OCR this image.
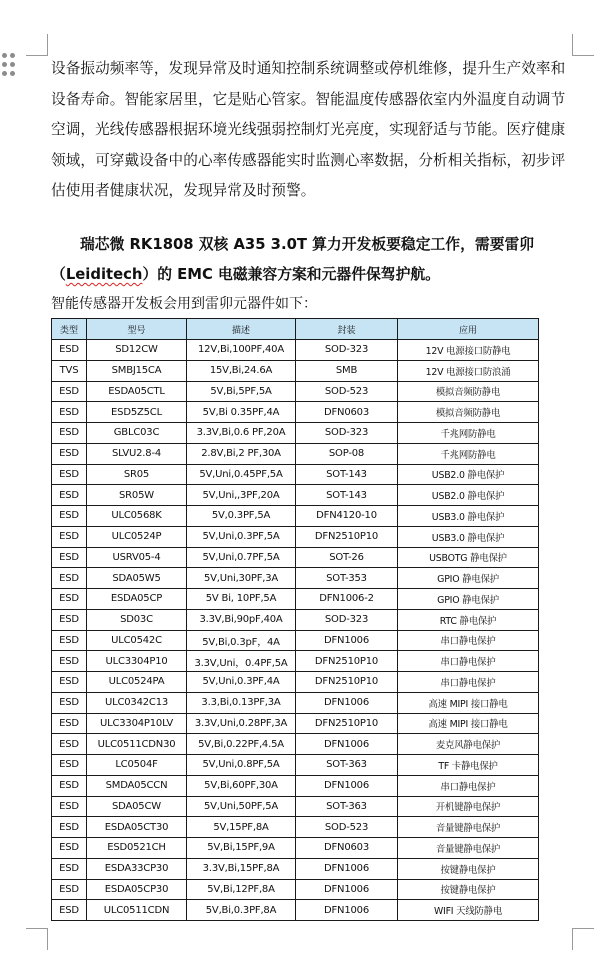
设备振动频率等，发现异常及时通知控制系统调整或停机维修，提升生产效率和
设备寿命。智能家居里，它是贴心管家。智能温度传感器依室内外温度自动调节
空调，光线传感器根据环境光线强弱控制灯光亮度，实现舒适与节能。医疗健康
领域，可穿戴设备中的心率传感器能实时监测心率数据，分析相关指标，初步评
估使用者健康状况，发现异常及时预警。
瑞芯微 RK1808 双核 A35 3.0T 算力开发板要稳定工作，需要雷卯
（Leiditech）的 EMC 电磁兼容方案和元器件保驾护航。
智能传感器开发板会用到雷卯元器件如下：
类型	型号	描述	封装	应用
ESD	SD12CW	12V,Bi,100PF,40A	SOD-323	12V 电源接口防静电
TVS	SMBJ15CA	15V,Bi,24.6A	SMB	12V 电源接口防浪涌
ESD	ESDA05CTL	5V,Bi,5PF,5A	SOD-523	模拟音频防静电
ESD	ESD5Z5CL	5V,Bi 0.35PF,4A	DFN0603	模拟音频防静电
ESD	GBLC03C	3.3V,Bi,0.6 PF,20A	SOD-323	千兆网防静电
ESD	SLVU2.8-4	2.8V,Bi,2 PF,30A	SOP-08	千兆网防静电
ESD	SR05	5V,Uni,0.45PF,5A	SOT-143	USB2.0 静电保护
ESD	SR05W	5V,Uni,,3PF,20A	SOT-143	USB2.0 静电保护
ESD	ULC0568K	5V,0.3PF,5A	DFN4120-10	USB3.0 静电保护
ESD	ULC0524P	5V,Uni,0.3PF,5A	DFN2510P10	USB3.0 静电保护
ESD	USRV05-4	5V,Uni,0.7PF,5A	SOT-26	USBOTG 静电保护
ESD	SDA05W5	5V,Uni,30PF,3A	SOT-353	GPIO 静电保护
ESD	ESDA05CP	5V Bi, 10PF,5A	DFN1006-2	GPIO 静电保护
ESD	SD03C	3.3V,Bi,90pF,40A	SOD-323	RTC 静电保护
ESD	ULC0542C	5V,Bi,0.3pF，4A	DFN1006	串口静电保护
ESD	ULC3304P10	3.3V,Uni，0.4PF,5A	DFN2510P10	串口静电保护
ESD	ULC0524PA	5V,Uni,0.3PF,4A	DFN2510P10	串口静电保护
ESD	ULC0342C13	3.3,Bi,0.13PF,3A	DFN1006	高速 MIPI 接口静电
ESD	ULC3304P10LV	3.3V,Uni,0.28PF,3A	DFN2510P10	高速 MIPI 接口静电
ESD	ULC0511CDN30	5V,Bi,0.22PF,4.5A	DFN1006	麦克风静电保护
ESD	LC0504F	5V,Uni,0.8PF,5A	SOT-363	TF 卡静电保护
ESD	SMDA05CCN	5V,Bi,60PF,30A	DFN1006	串口静电保护
ESD	SDA05CW	5V,Uni,50PF,5A	SOT-363	开机键静电保护
ESD	ESDA05CT30	5V,15PF,8A	SOD-523	音量键静电保护
ESD	ESD0521CH	5V,Bi,15PF,9A	DFN0603	音量键静电保护
ESD	ESDA33CP30	3.3V,Bi,15PF,8A	DFN1006	按键静电保护
ESD	ESDA05CP30	5V,Bi,12PF,8A	DFN1006	按键静电保护
ESD	ULC0511CDN	5V,Bi,0.3PF,8A	DFN1006	WIFI 天线防静电
